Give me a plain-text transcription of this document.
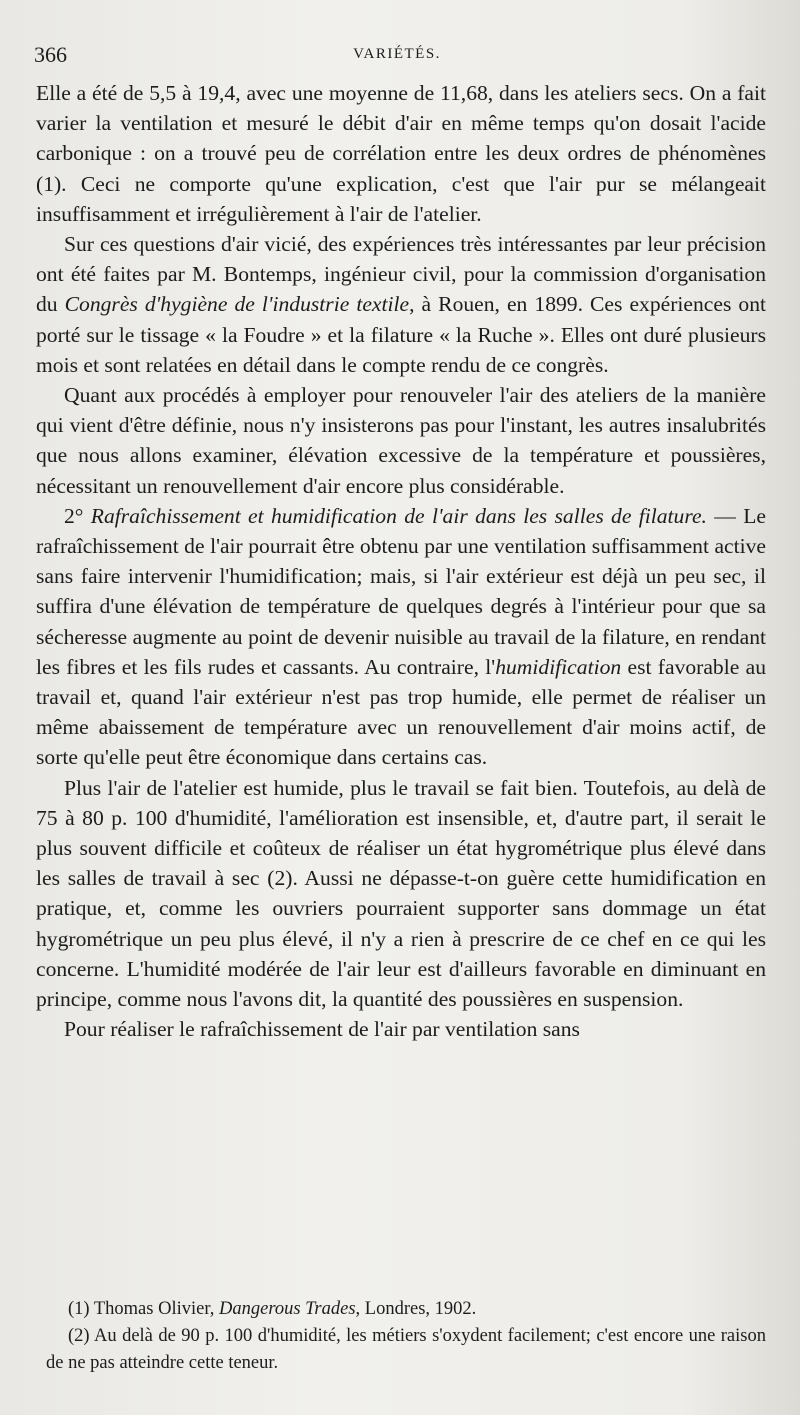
366	VARIÉTÉS.

Elle a été de 5,5 à 19,4, avec une moyenne de 11,68, dans les ateliers secs. On a fait varier la ventilation et mesuré le débit d'air en même temps qu'on dosait l'acide carbonique : on a trouvé peu de corrélation entre les deux ordres de phénomènes (1). Ceci ne comporte qu'une explication, c'est que l'air pur se mélangeait insuffisamment et irrégulièrement à l'air de l'atelier.

Sur ces questions d'air vicié, des expériences très intéressantes par leur précision ont été faites par M. Bontemps, ingénieur civil, pour la commission d'organisation du Congrès d'hygiène de l'industrie textile, à Rouen, en 1899. Ces expériences ont porté sur le tissage « la Foudre » et la filature « la Ruche ». Elles ont duré plusieurs mois et sont relatées en détail dans le compte rendu de ce congrès.

Quant aux procédés à employer pour renouveler l'air des ateliers de la manière qui vient d'être définie, nous n'y insisterons pas pour l'instant, les autres insalubrités que nous allons examiner, élévation excessive de la température et poussières, nécessitant un renouvellement d'air encore plus considérable.

2° Rafraîchissement et humidification de l'air dans les salles de filature. — Le rafraîchissement de l'air pourrait être obtenu par une ventilation suffisamment active sans faire intervenir l'humidification; mais, si l'air extérieur est déjà un peu sec, il suffira d'une élévation de température de quelques degrés à l'intérieur pour que sa sécheresse augmente au point de devenir nuisible au travail de la filature, en rendant les fibres et les fils rudes et cassants. Au contraire, l'humidification est favorable au travail et, quand l'air extérieur n'est pas trop humide, elle permet de réaliser un même abaissement de température avec un renouvellement d'air moins actif, de sorte qu'elle peut être économique dans certains cas.

Plus l'air de l'atelier est humide, plus le travail se fait bien. Toutefois, au delà de 75 à 80 p. 100 d'humidité, l'amélioration est insensible, et, d'autre part, il serait le plus souvent difficile et coûteux de réaliser un état hygrométrique plus élevé dans les salles de travail à sec (2). Aussi ne dépasse-t-on guère cette humidification en pratique, et, comme les ouvriers pourraient supporter sans dommage un état hygrométrique un peu plus élevé, il n'y a rien à prescrire de ce chef en ce qui les concerne. L'humidité modérée de l'air leur est d'ailleurs favorable en diminuant en principe, comme nous l'avons dit, la quantité des poussières en suspension.

Pour réaliser le rafraîchissement de l'air par ventilation sans

(1) Thomas Olivier, Dangerous Trades, Londres, 1902.

(2) Au delà de 90 p. 100 d'humidité, les métiers s'oxydent facilement; c'est encore une raison de ne pas atteindre cette teneur.
